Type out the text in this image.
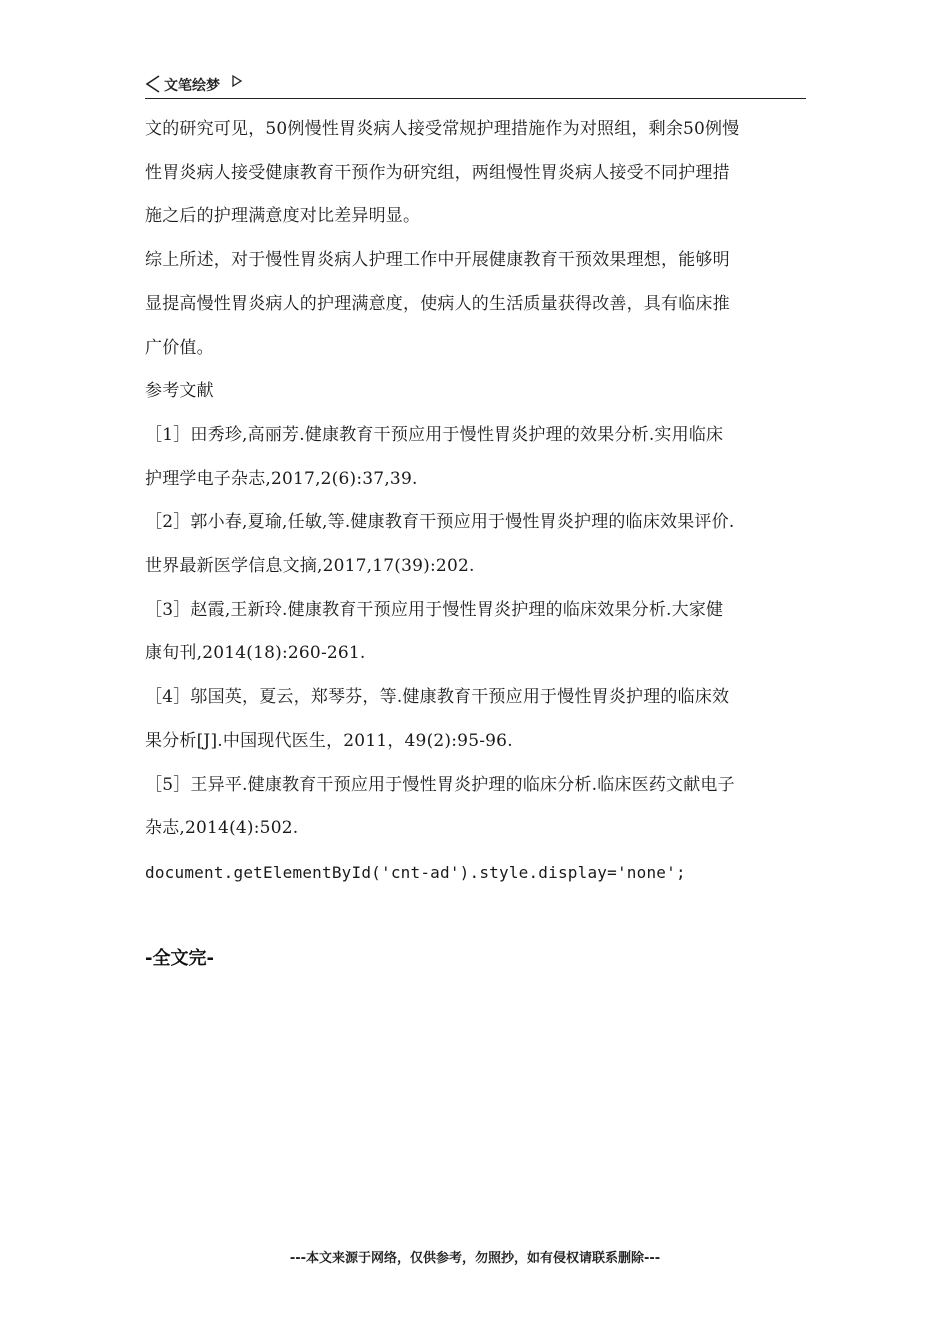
文笔绘梦

文的研究可见，50例慢性胃炎病人接受常规护理措施作为对照组，剩余50例慢

性胃炎病人接受健康教育干预作为研究组，两组慢性胃炎病人接受不同护理措

施之后的护理满意度对比差异明显。

综上所述，对于慢性胃炎病人护理工作中开展健康教育干预效果理想，能够明

显提高慢性胃炎病人的护理满意度，使病人的生活质量获得改善，具有临床推

广价值。

参考文献

［1］田秀珍,高丽芳.健康教育干预应用于慢性胃炎护理的效果分析.实用临床

护理学电子杂志,2017,2(6):37,39.

［2］郭小春,夏瑜,任敏,等.健康教育干预应用于慢性胃炎护理的临床效果评价.

世界最新医学信息文摘,2017,17(39):202.

［3］赵霞,王新玲.健康教育干预应用于慢性胃炎护理的临床效果分析.大家健

康旬刊,2014(18):260-261.

［4］邬国英，夏云，郑琴芬，等.健康教育干预应用于慢性胃炎护理的临床效

果分析[J].中国现代医生，2011，49(2):95-96.

［5］王异平.健康教育干预应用于慢性胃炎护理的临床分析.临床医药文献电子

杂志,2014(4):502.

document.getElementById('cnt-ad').style.display='none';

-全文完-
---本文来源于网络，仅供参考，勿照抄，如有侵权请联系删除---
